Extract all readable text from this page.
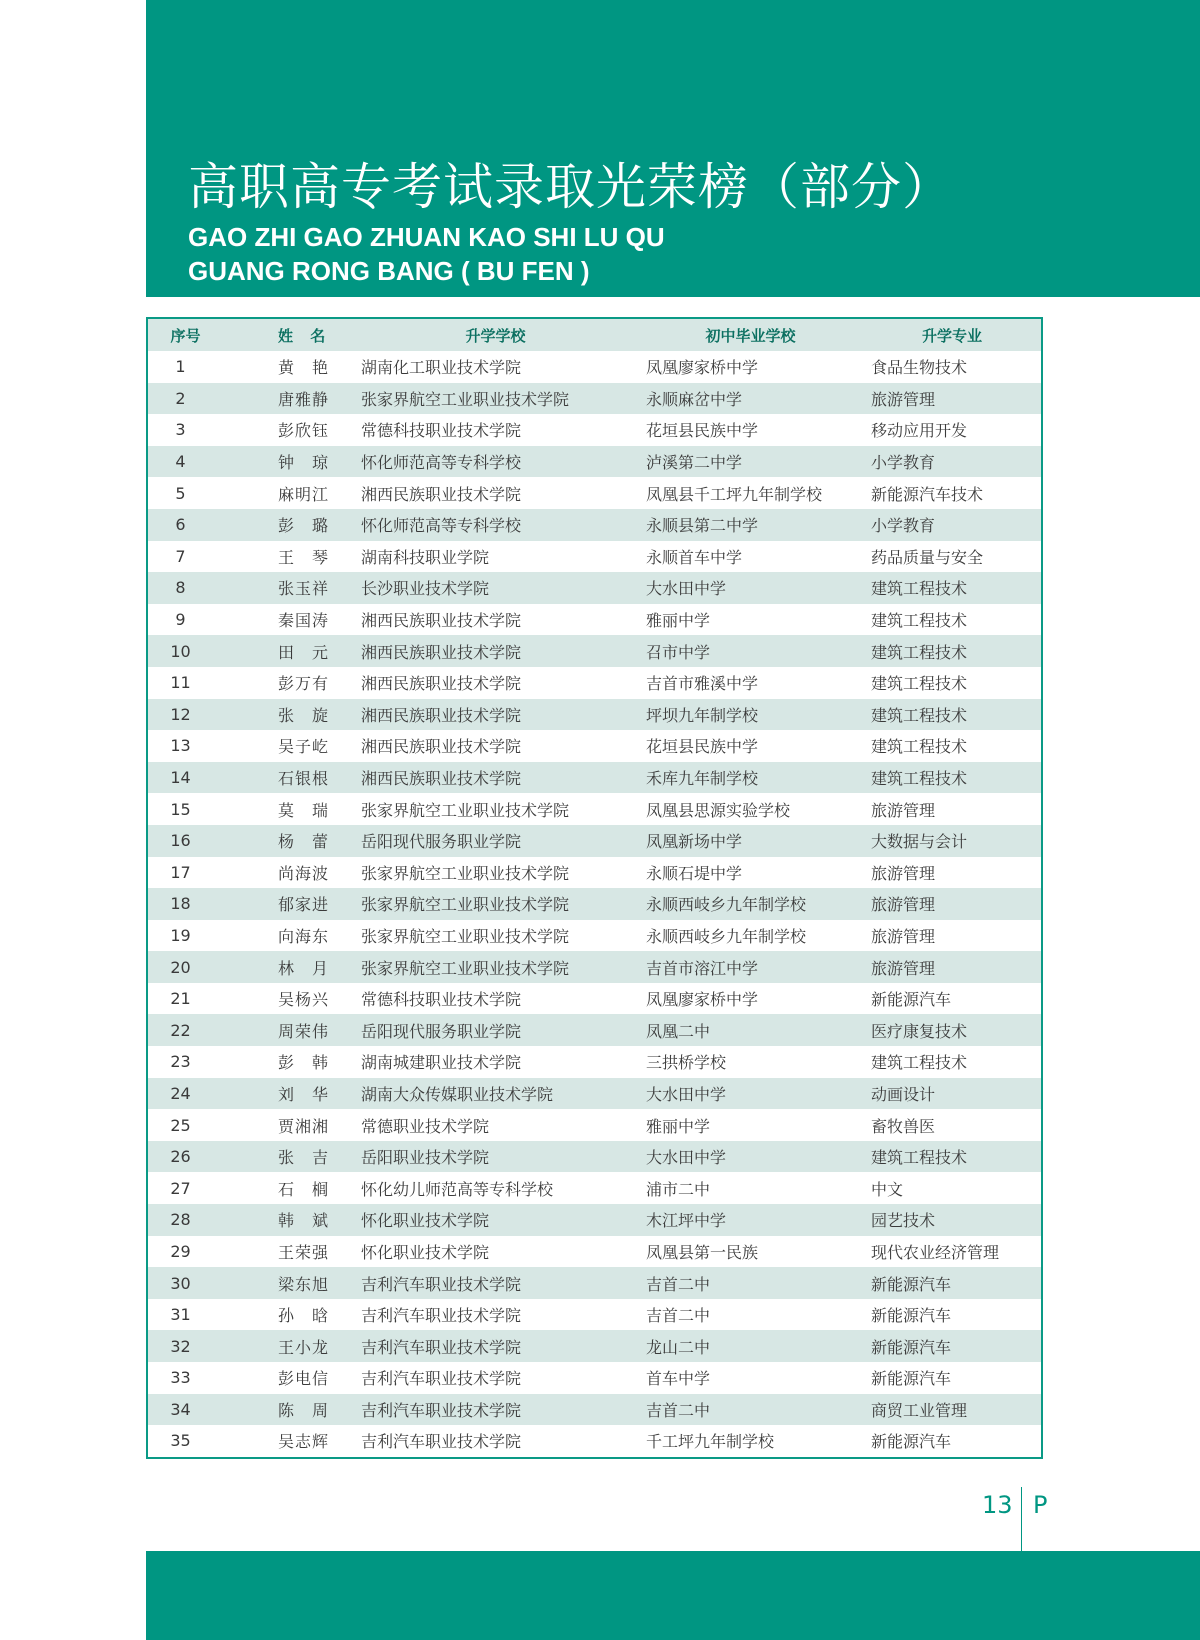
高职高专考试录取光荣榜（部分）
GAO ZHI GAO ZHUAN KAO SHI LU QU
GUANG RONG BANG ( BU FEN )
序号	姓 名	升学学校	初中毕业学校	升学专业
1	黄　艳	湖南化工职业技术学院	凤凰廖家桥中学	食品生物技术
2	唐雅静	张家界航空工业职业技术学院	永顺麻岔中学	旅游管理
3	彭欣钰	常德科技职业技术学院	花垣县民族中学	移动应用开发
4	钟　琼	怀化师范高等专科学校	泸溪第二中学	小学教育
5	麻明江	湘西民族职业技术学院	凤凰县千工坪九年制学校	新能源汽车技术
6	彭　璐	怀化师范高等专科学校	永顺县第二中学	小学教育
7	王　琴	湖南科技职业学院	永顺首车中学	药品质量与安全
8	张玉祥	长沙职业技术学院	大水田中学	建筑工程技术
9	秦国涛	湘西民族职业技术学院	雅丽中学	建筑工程技术
10	田　元	湘西民族职业技术学院	召市中学	建筑工程技术
11	彭万有	湘西民族职业技术学院	吉首市雅溪中学	建筑工程技术
12	张　旋	湘西民族职业技术学院	坪坝九年制学校	建筑工程技术
13	吴子屹	湘西民族职业技术学院	花垣县民族中学	建筑工程技术
14	石银根	湘西民族职业技术学院	禾库九年制学校	建筑工程技术
15	莫　瑞	张家界航空工业职业技术学院	凤凰县思源实验学校	旅游管理
16	杨　蕾	岳阳现代服务职业学院	凤凰新场中学	大数据与会计
17	尚海波	张家界航空工业职业技术学院	永顺石堤中学	旅游管理
18	郁家进	张家界航空工业职业技术学院	永顺西岐乡九年制学校	旅游管理
19	向海东	张家界航空工业职业技术学院	永顺西岐乡九年制学校	旅游管理
20	林　月	张家界航空工业职业技术学院	吉首市溶江中学	旅游管理
21	吴杨兴	常德科技职业技术学院	凤凰廖家桥中学	新能源汽车
22	周荣伟	岳阳现代服务职业学院	凤凰二中	医疗康复技术
23	彭　韩	湖南城建职业技术学院	三拱桥学校	建筑工程技术
24	刘　华	湖南大众传媒职业技术学院	大水田中学	动画设计
25	贾湘湘	常德职业技术学院	雅丽中学	畜牧兽医
26	张　吉	岳阳职业技术学院	大水田中学	建筑工程技术
27	石　榈	怀化幼儿师范高等专科学校	浦市二中	中文
28	韩　斌	怀化职业技术学院	木江坪中学	园艺技术
29	王荣强	怀化职业技术学院	凤凰县第一民族	现代农业经济管理
30	梁东旭	吉利汽车职业技术学院	吉首二中	新能源汽车
31	孙　晗	吉利汽车职业技术学院	吉首二中	新能源汽车
32	王小龙	吉利汽车职业技术学院	龙山二中	新能源汽车
33	彭电信	吉利汽车职业技术学院	首车中学	新能源汽车
34	陈　周	吉利汽车职业技术学院	吉首二中	商贸工业管理
35	吴志辉	吉利汽车职业技术学院	千工坪九年制学校	新能源汽车
13 P
